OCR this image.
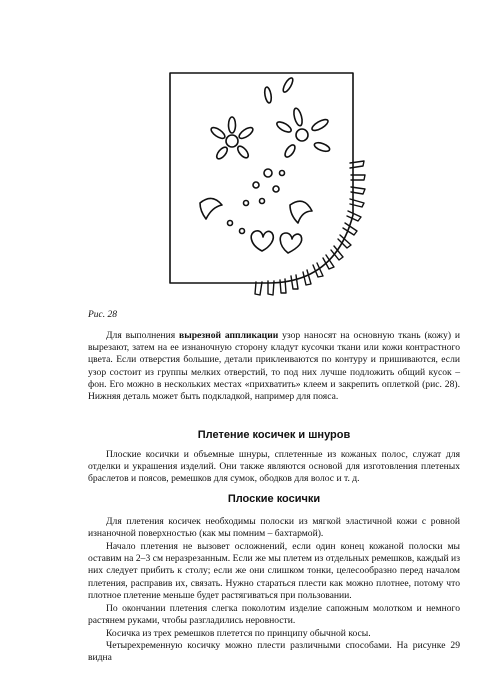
Рис. 28

Для выполнения вырезной аппликации узор наносят на основную ткань (кожу) и вырезают, затем на ее изнаночную сторону кладут кусочки ткани или кожи контрастного цвета. Если отверстия большие, детали приклеиваются по контуру и пришиваются, если узор состоит из группы мелких отверстий, то под них лучше подложить общий кусок – фон. Его можно в нескольких местах «прихватить» клеем и закрепить оплеткой (рис. 28). Нижняя деталь может быть подкладкой, например для пояса.

Плетение косичек и шнуров

Плоские косички и объемные шнуры, сплетенные из кожаных полос, служат для отделки и украшения изделий. Они также являются основой для изготовления плетеных браслетов и поясов, ремешков для сумок, ободков для волос и т. д.

Плоские косички

Для плетения косичек необходимы полоски из мягкой эластичной кожи с ровной изнаночной поверхностью (как мы помним – бахтармой).

Начало плетения не вызовет осложнений, если один конец кожаной полоски мы оставим на 2–3 см неразрезанным. Если же мы плетем из отдельных ремешков, каждый из них следует прибить к столу; если же они слишком тонки, целесообразно перед началом плетения, расправив их, связать. Нужно стараться плести как можно плотнее, потому что плотное плетение меньше будет растягиваться при пользовании.

По окончании плетения слегка поколотим изделие сапожным молотком и немного растянем руками, чтобы разгладились неровности.

Косичка из трех ремешков плетется по принципу обычной косы.

Четырехременную косичку можно плести различными способами. На рисунке 29 видна
